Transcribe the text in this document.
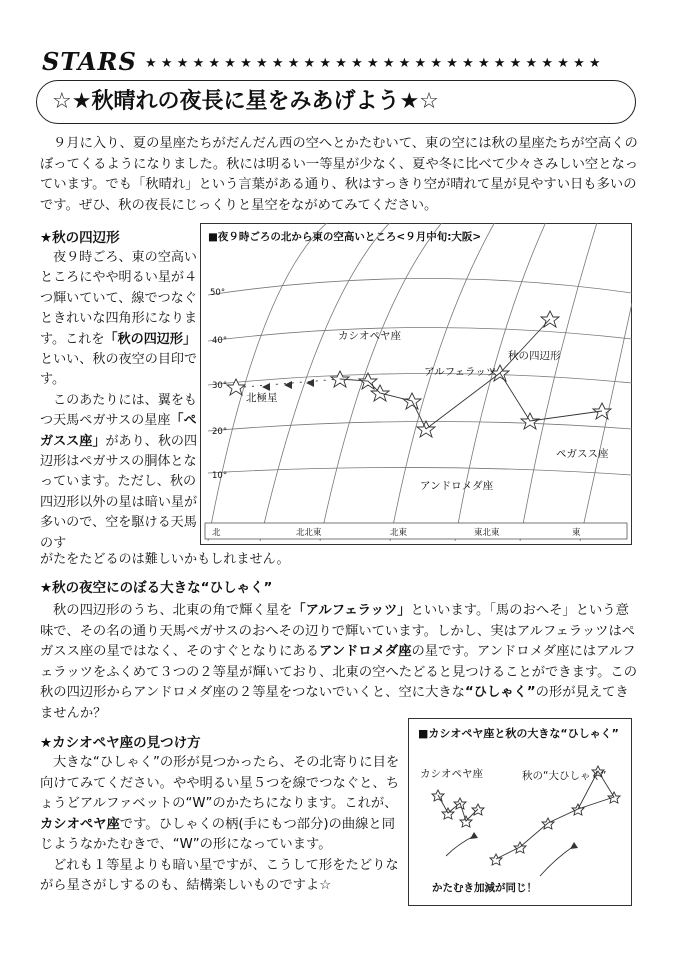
STARS ★★★★★★★★★★★★★★★★★★★★★★★★★★★★★
☆★秋晴れの夜長に星をみあげよう★☆
９月に入り、夏の星座たちがだんだん西の空へとかたむいて、東の空には秋の星座たちが空高くのぼってくるようになりました。秋には明るい一等星が少なく、夏や冬に比べて少々さみしい空となっています。でも「秋晴れ」という言葉がある通り、秋はすっきり空が晴れて星が見やすい日も多いのです。ぜひ、秋の夜長にじっくりと星空をながめてみてください。
★秋の四辺形

夜９時ごろ、東の空高いところにやや明るい星が４つ輝いていて、線でつなぐときれいな四角形になります。これを「秋の四辺形」といい、秋の夜空の目印です。

このあたりには、翼をもつ天馬ペガサスの星座「ペガスス座」があり、秋の四辺形はペガサスの胴体となっています。ただし、秋の四辺形以外の星は暗い星が多いので、空を駆ける天馬のす

がたをたどるのは難しいかもしれません。
■夜９時ごろの北から東の空高いところ<９月中旬:大阪>
50°
40°
30°
20°
10°
北	北北東	北東	東北東	東
カシオペヤ座
北極星
アルフェラッツ
秋の四辺形
アンドロメダ座
ペガスス座
★秋の夜空にのぼる大きな“ひしゃく”
秋の四辺形のうち、北東の角で輝く星を「アルフェラッツ」といいます。「馬のおへそ」という意味で、その名の通り天馬ペガサスのおへその辺りで輝いています。しかし、実はアルフェラッツはペガスス座の星ではなく、そのすぐとなりにあるアンドロメダ座の星です。アンドロメダ座にはアルフェラッツをふくめて３つの２等星が輝いており、北東の空へたどると見つけることができます。この秋の四辺形からアンドロメダ座の２等星をつないでいくと、空に大きな“ひしゃく”の形が見えてきませんか？
★カシオペヤ座の見つけ方
大きな“ひしゃく”の形が見つかったら、その北寄りに目を向けてみてください。やや明るい星５つを線でつなぐと、ちょうどアルファベットの“W”のかたちになります。これが、カシオペヤ座です。ひしゃくの柄(手にもつ部分)の曲線と同じようなかたむきで、“W”の形になっています。
どれも１等星よりも暗い星ですが、こうして形をたどりながら星さがしするのも、結構楽しいものですよ☆
■カシオペヤ座と秋の大きな“ひしゃく”
カシオペヤ座	秋の“大ひしゃく”
かたむき加減が同じ！
